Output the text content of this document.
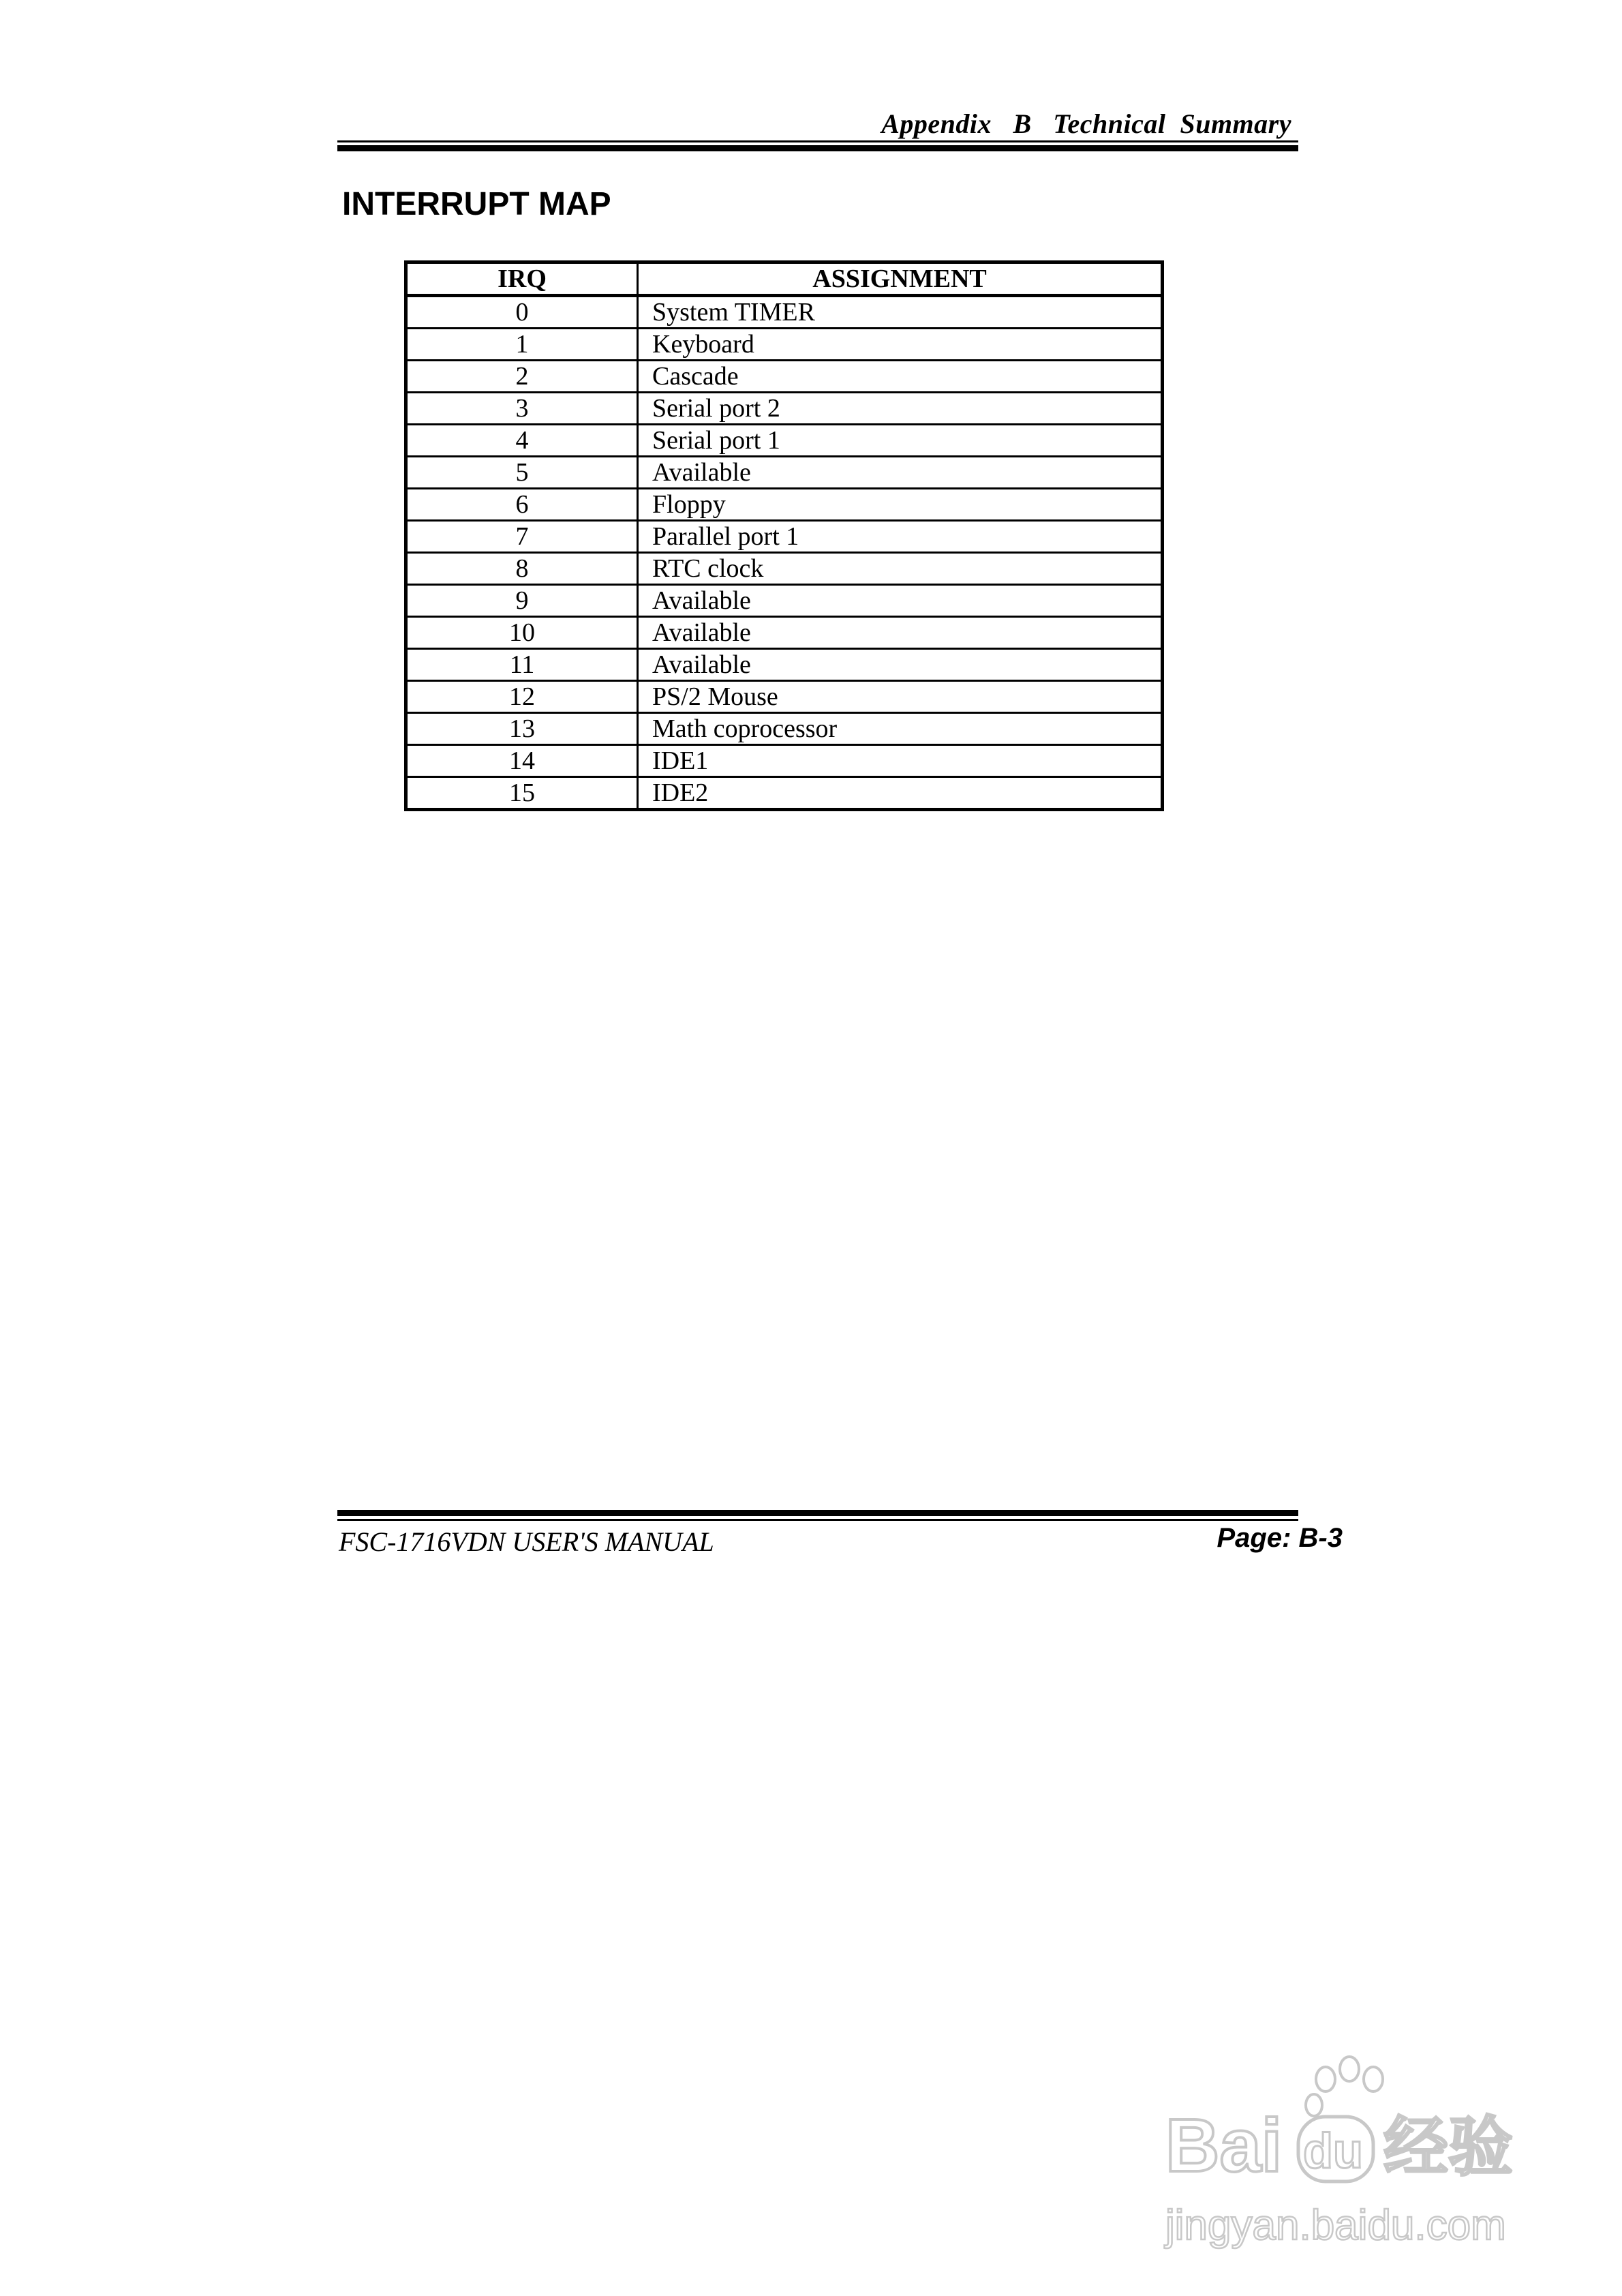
Appendix   B   Technical  Summary
INTERRUPT MAP
IRQ	ASSIGNMENT
0	System TIMER
1	Keyboard
2	Cascade
3	Serial port 2
4	Serial port 1
5	Available
6	Floppy
7	Parallel port 1
8	RTC clock
9	Available
10	Available
11	Available
12	PS/2 Mouse
13	Math coprocessor
14	IDE1
15	IDE2
FSC-1716VDN USER'S MANUAL	Page: B-3
Bai du 经验
jingyan.baidu.com
